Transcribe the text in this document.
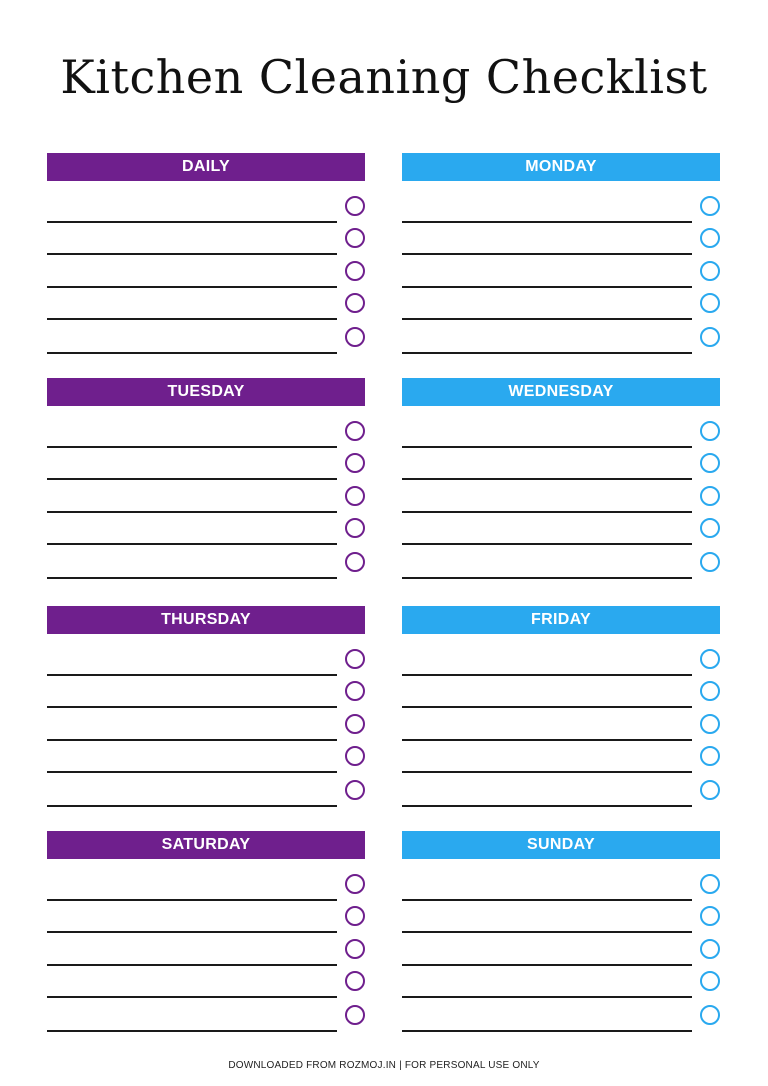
Kitchen Cleaning Checklist
DAILY	MONDAY
TUESDAY	WEDNESDAY
THURSDAY	FRIDAY
SATURDAY	SUNDAY
DOWNLOADED FROM ROZMOJ.IN | FOR PERSONAL USE ONLY
